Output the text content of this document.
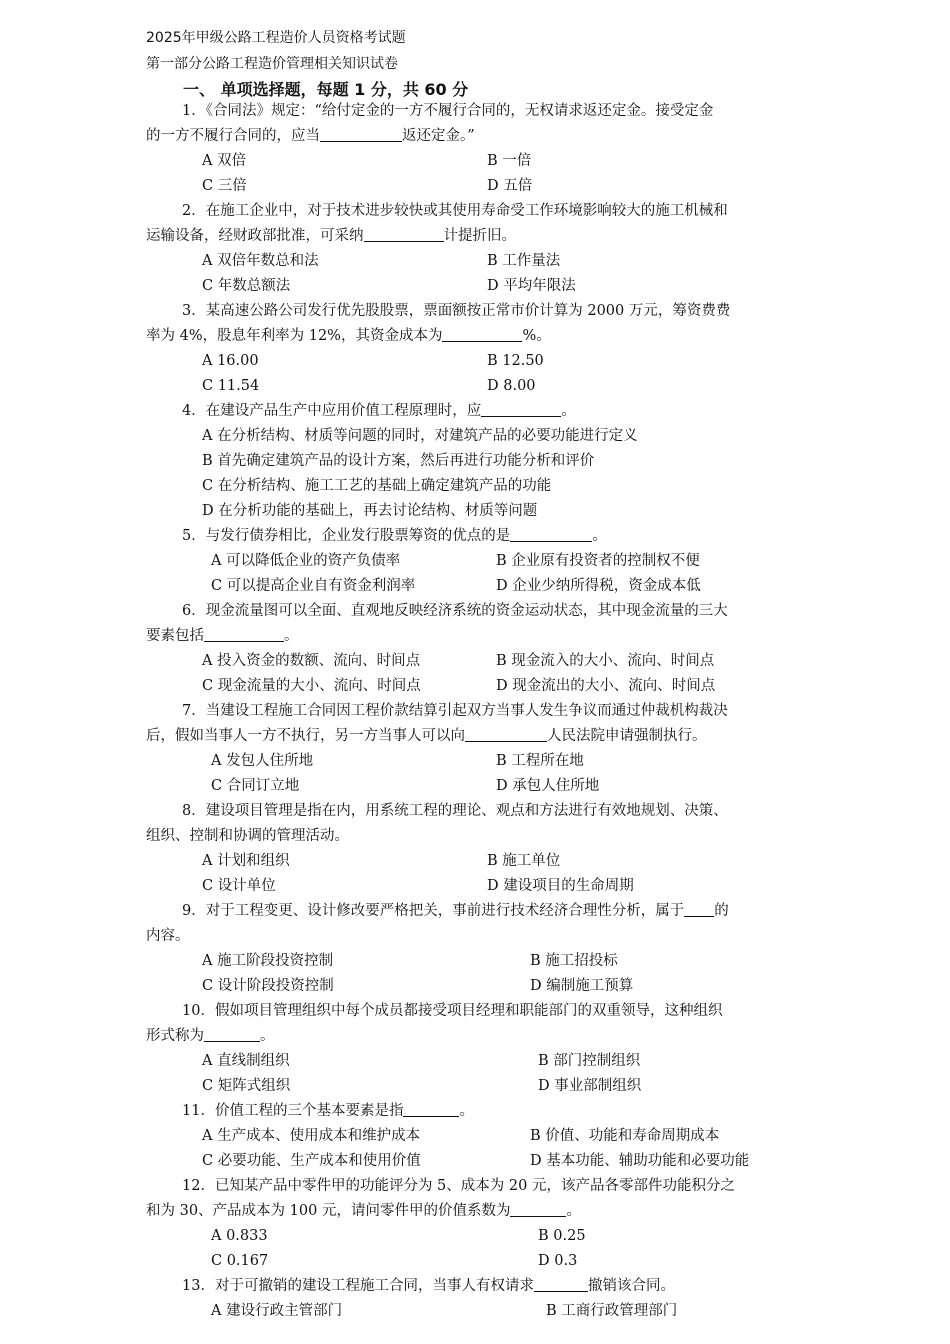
2025年甲级公路工程造价人员资格考试题
第一部分公路工程造价管理相关知识试卷
一、 单项选择题，每题 1 分，共 60 分
1．《合同法》规定：“给付定金的一方不履行合同的，无权请求返还定金。接受定金
的一方不履行合同的，应当	返还定金。”
A 双倍	B 一倍
C 三倍	D 五倍
2．在施工企业中，对于技术进步较快或其使用寿命受工作环境影响较大的施工机械和
运输设备，经财政部批准，可采纳	计提折旧。
A 双倍年数总和法	B 工作量法
C 年数总额法	D 平均年限法
3．某高速公路公司发行优先股股票，票面额按正常市价计算为 2000 万元，筹资费费
率为 4%，股息年利率为 12%，其资金成本为	%。
A 16.00	B 12.50
C 11.54	D 8.00
4．在建设产品生产中应用价值工程原理时，应	。
A 在分析结构、材质等问题的同时，对建筑产品的必要功能进行定义
B 首先确定建筑产品的设计方案，然后再进行功能分析和评价
C 在分析结构、施工工艺的基础上确定建筑产品的功能
D 在分析功能的基础上，再去讨论结构、材质等问题
5．与发行债券相比，企业发行股票筹资的优点的是	。
A 可以降低企业的资产负债率	B 企业原有投资者的控制权不便
C 可以提高企业自有资金利润率	D 企业少纳所得税，资金成本低
6．现金流量图可以全面、直观地反映经济系统的资金运动状态，其中现金流量的三大
要素包括	。
A 投入资金的数额、流向、时间点	B 现金流入的大小、流向、时间点
C 现金流量的大小、流向、时间点	D 现金流出的大小、流向、时间点
7．当建设工程施工合同因工程价款结算引起双方当事人发生争议而通过仲裁机构裁决
后，假如当事人一方不执行，另一方当事人可以向	人民法院申请强制执行。
A 发包人住所地	B 工程所在地
C 合同订立地	D 承包人住所地
8．建设项目管理是指在内，用系统工程的理论、观点和方法进行有效地规划、决策、
组织、控制和协调的管理活动。
A 计划和组织	B 施工单位
C 设计单位	D 建设项目的生命周期
9．对于工程变更、设计修改要严格把关，事前进行技术经济合理性分析，属于 的
内容。
A 施工阶段投资控制	B 施工招投标
C 设计阶段投资控制	D 编制施工预算
10．假如项目管理组织中每个成员都接受项目经理和职能部门的双重领导，这种组织
形式称为	。
A 直线制组织	B 部门控制组织
C 矩阵式组织	D 事业部制组织
11．价值工程的三个基本要素是指	。
A 生产成本、使用成本和维护成本	B 价值、功能和寿命周期成本
C 必要功能、生产成本和使用价值	D 基本功能、辅助功能和必要功能
12．已知某产品中零件甲的功能评分为 5、成本为 20 元，该产品各零部件功能积分之
和为 30、产品成本为 100 元，请问零件甲的价值系数为	。
A 0.833	B 0.25
C 0.167	D 0.3
13．对于可撤销的建设工程施工合同，当事人有权请求	撤销该合同。
A 建设行政主管部门	B 工商行政管理部门
